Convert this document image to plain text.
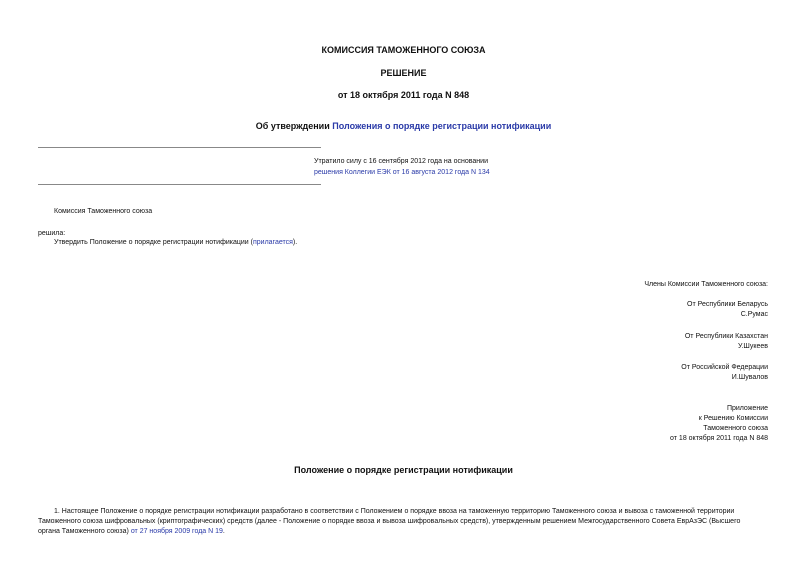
КОМИССИЯ ТАМОЖЕННОГО СОЮЗА
РЕШЕНИЕ
от 18 октября 2011 года N 848
Об утверждении Положения о порядке регистрации нотификации
Утратило силу с 16 сентября 2012 года на основании
решения Коллегии ЕЭК от 16 августа 2012 года N 134
Комиссия Таможенного союза
решила:
Утвердить Положение о порядке регистрации нотификации (прилагается).
Члены Комиссии Таможенного союза:
От Республики Беларусь
С.Румас
От Республики Казахстан
У.Шукеев
От Российской Федерации
И.Шувалов
Приложение
к Решению Комиссии
Таможенного союза
от 18 октября 2011 года N 848
Положение о порядке регистрации нотификации
1. Настоящее Положение о порядке регистрации нотификации разработано в соответствии с Положением о порядке ввоза на таможенную территорию Таможенного союза и вывоза с таможенной территории
Таможенного союза шифровальных (криптографических) средств (далее - Положение о порядке ввоза и вывоза шифровальных средств), утвержденным решением Межгосударственного Совета ЕврАзЭС (Высшего
органа Таможенного союза) от 27 ноября 2009 года N 19.
